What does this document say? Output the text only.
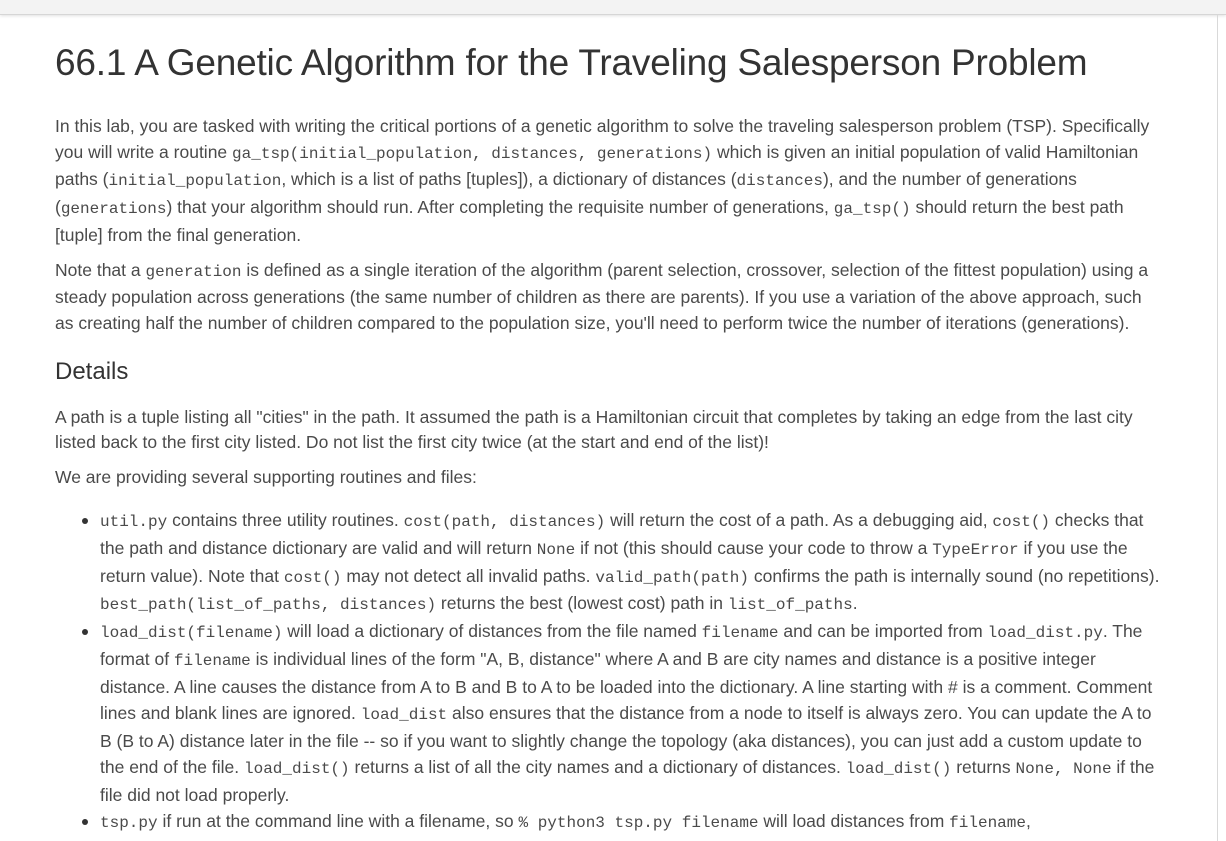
66.1 A Genetic Algorithm for the Traveling Salesperson Problem

In this lab, you are tasked with writing the critical portions of a genetic algorithm to solve the traveling salesperson problem (TSP). Specifically you will write a routine ga_tsp(initial_population, distances, generations) which is given an initial population of valid Hamiltonian paths (initial_population, which is a list of paths [tuples]), a dictionary of distances (distances), and the number of generations (generations) that your algorithm should run. After completing the requisite number of generations, ga_tsp() should return the best path [tuple] from the final generation.

Note that a generation is defined as a single iteration of the algorithm (parent selection, crossover, selection of the fittest population) using a steady population across generations (the same number of children as there are parents). If you use a variation of the above approach, such as creating half the number of children compared to the population size, you'll need to perform twice the number of iterations (generations).

Details

A path is a tuple listing all "cities" in the path. It assumed the path is a Hamiltonian circuit that completes by taking an edge from the last city listed back to the first city listed. Do not list the first city twice (at the start and end of the list)!

We are providing several supporting routines and files:

util.py contains three utility routines. cost(path, distances) will return the cost of a path. As a debugging aid, cost() checks that the path and distance dictionary are valid and will return None if not (this should cause your code to throw a TypeError if you use the return value). Note that cost() may not detect all invalid paths. valid_path(path) confirms the path is internally sound (no repetitions). best_path(list_of_paths, distances) returns the best (lowest cost) path in list_of_paths.
load_dist(filename) will load a dictionary of distances from the file named filename and can be imported from load_dist.py. The format of filename is individual lines of the form "A, B, distance" where A and B are city names and distance is a positive integer distance. A line causes the distance from A to B and B to A to be loaded into the dictionary. A line starting with # is a comment. Comment lines and blank lines are ignored. load_dist also ensures that the distance from a node to itself is always zero. You can update the A to B (B to A) distance later in the file -- so if you want to slightly change the topology (aka distances), you can just add a custom update to the end of the file. load_dist() returns a list of all the city names and a dictionary of distances. load_dist() returns None, None if the file did not load properly.
tsp.py if run at the command line with a filename, so % python3 tsp.py filename will load distances from filename,
